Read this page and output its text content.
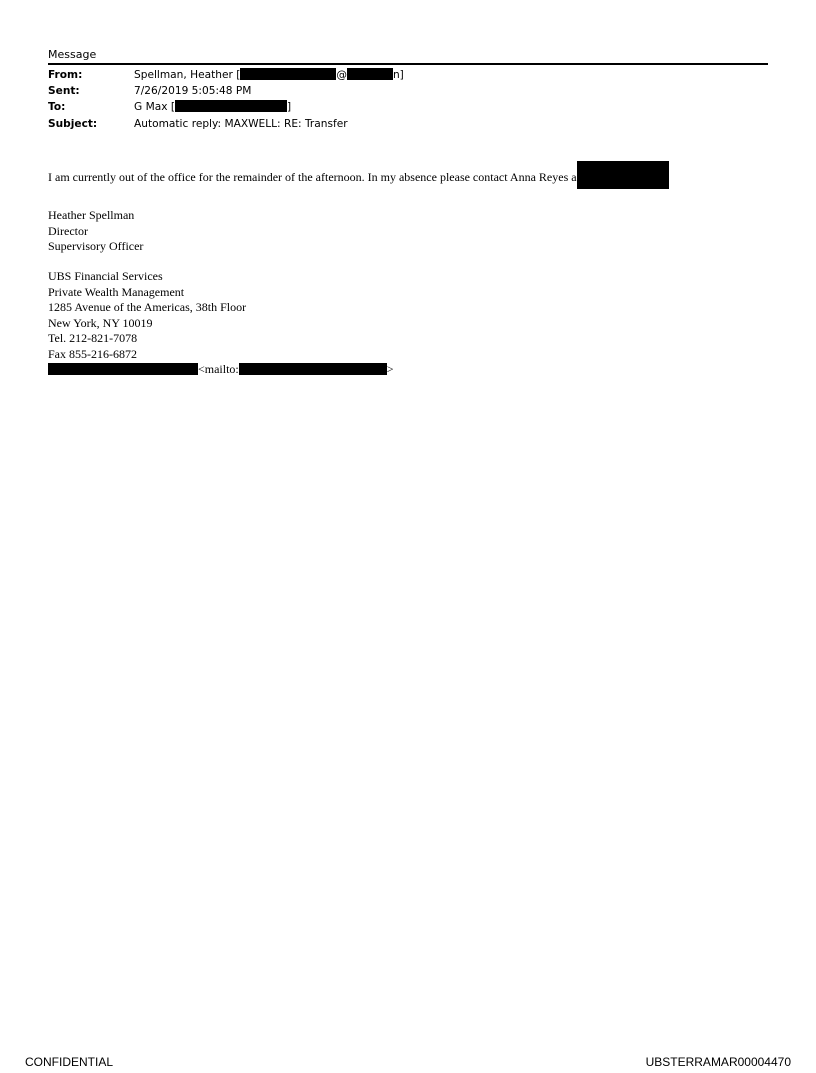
Message
From:	Spellman, Heather [	@	n]
Sent:	7/26/2019 5:05:48 PM
To:	G Max [	]
Subject:	Automatic reply: MAXWELL: RE: Transfer
I am currently out of the office for the remainder of the afternoon. In my absence please contact Anna Reyes a
Heather Spellman
Director
Supervisory Officer
UBS Financial Services
Private Wealth Management
1285 Avenue of the Americas, 38th Floor
New York, NY 10019
Tel. 212-821-7078
Fax 855-216-6872
<mailto:	>
CONFIDENTIAL	UBSTERRAMAR00004470
